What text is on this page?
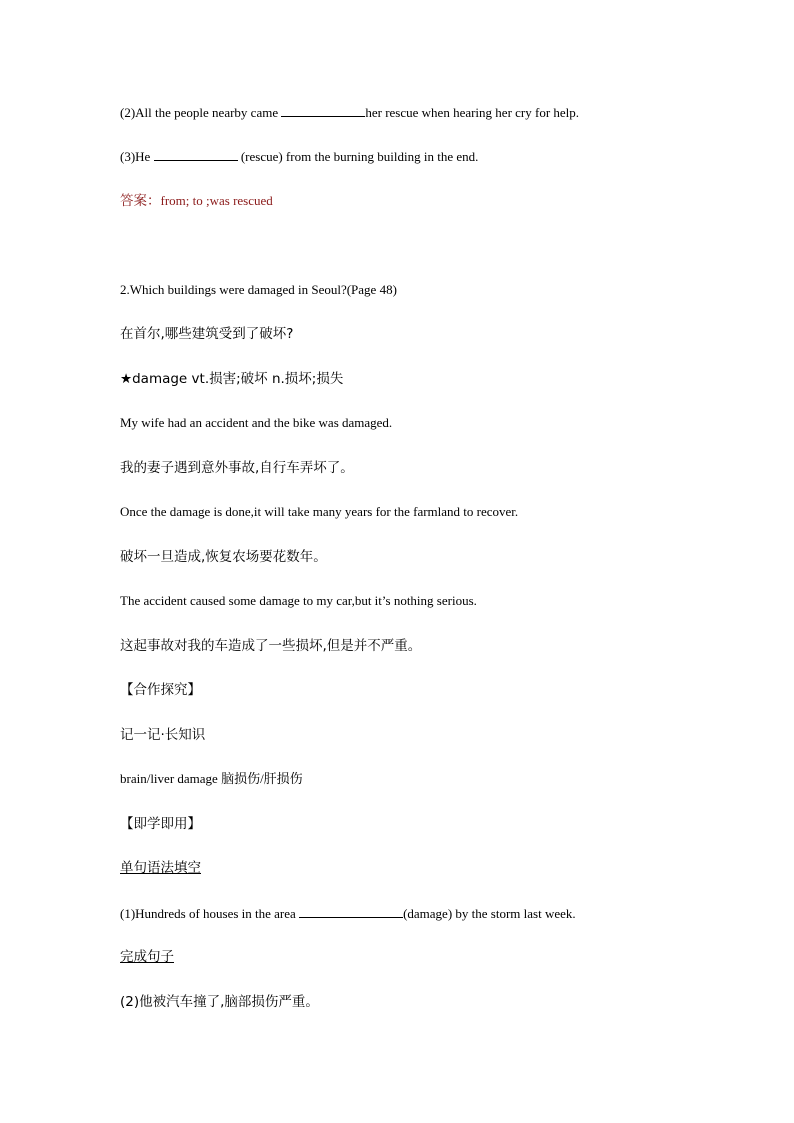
(2)All the people nearby came	her rescue when hearing her cry for help.
(3)He	(rescue) from the burning building in the end.
答案：from; to ;was rescued
2.Which buildings were damaged in Seoul?(Page 48)
在首尔,哪些建筑受到了破坏?
★damage vt.损害;破坏 n.损坏;损失
My wife had an accident and the bike was damaged.
我的妻子遇到意外事故,自行车弄坏了。
Once the damage is done,it will take many years for the farmland to recover.
破坏一旦造成,恢复农场要花数年。
The accident caused some damage to my car,but it’s nothing serious.
这起事故对我的车造成了一些损坏,但是并不严重。
【合作探究】
记一记·长知识
brain/liver damage 脑损伤/肝损伤
【即学即用】
单句语法填空
(1)Hundreds of houses in the area	(damage) by the storm last week.
完成句子
(2)他被汽车撞了,脑部损伤严重。
